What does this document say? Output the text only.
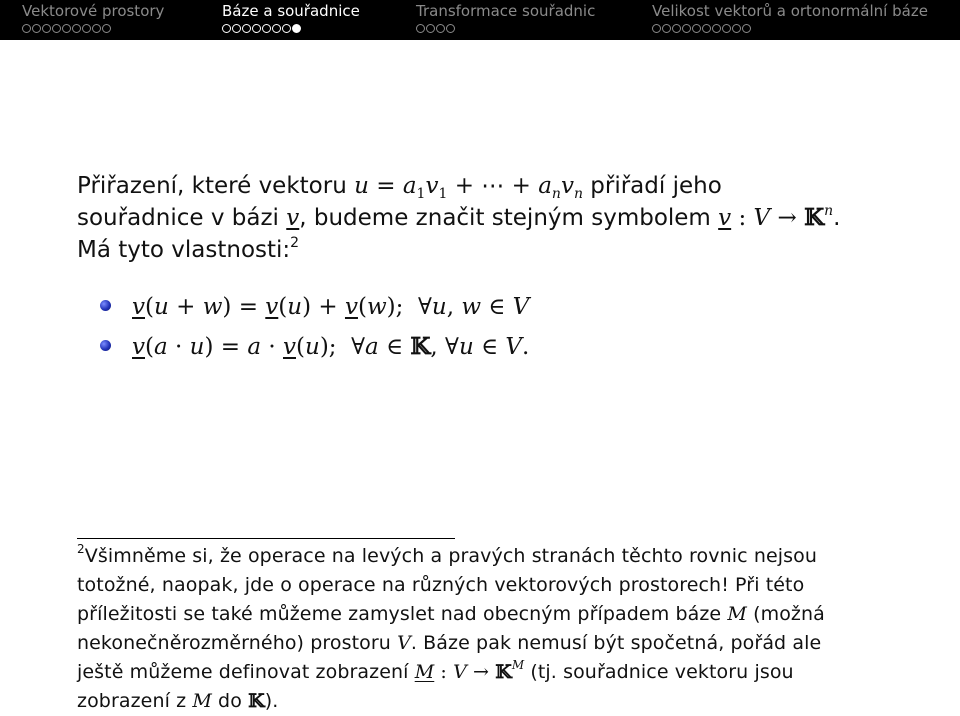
Vektorové prostory	Báze a souřadnice	Transformace souřadnic	Velikost vektorů a ortonormální báze

Přiřazení, které vektoru $u = a_1v_1$ + ⋯ + $a_nv_n$ přiřadí jeho
souřadnice v bázi v, budeme značit stejným symbolem v : V → 𝕂$^n$.
Má tyto vlastnosti:$^2$

v(u + w) = v(u) + v(w);  ∀u, w ∈ V
v(a · u) = a · v(u);  ∀a ∈ 𝕂, ∀u ∈ V.
$^2$Všimněme si, že operace na levých a pravých stranách těchto rovnic nejsou
totožné, naopak, jde o operace na různých vektorových prostorech! Při této
příležitosti se také můžeme zamyslet nad obecným případem báze M (možná
nekonečněrozměrného) prostoru V. Báze pak nemusí být spočetná, pořád ale
ještě můžeme definovat zobrazení M : V → 𝕂$^M$ (tj. souřadnice vektoru jsou
zobrazení z M do 𝕂).
